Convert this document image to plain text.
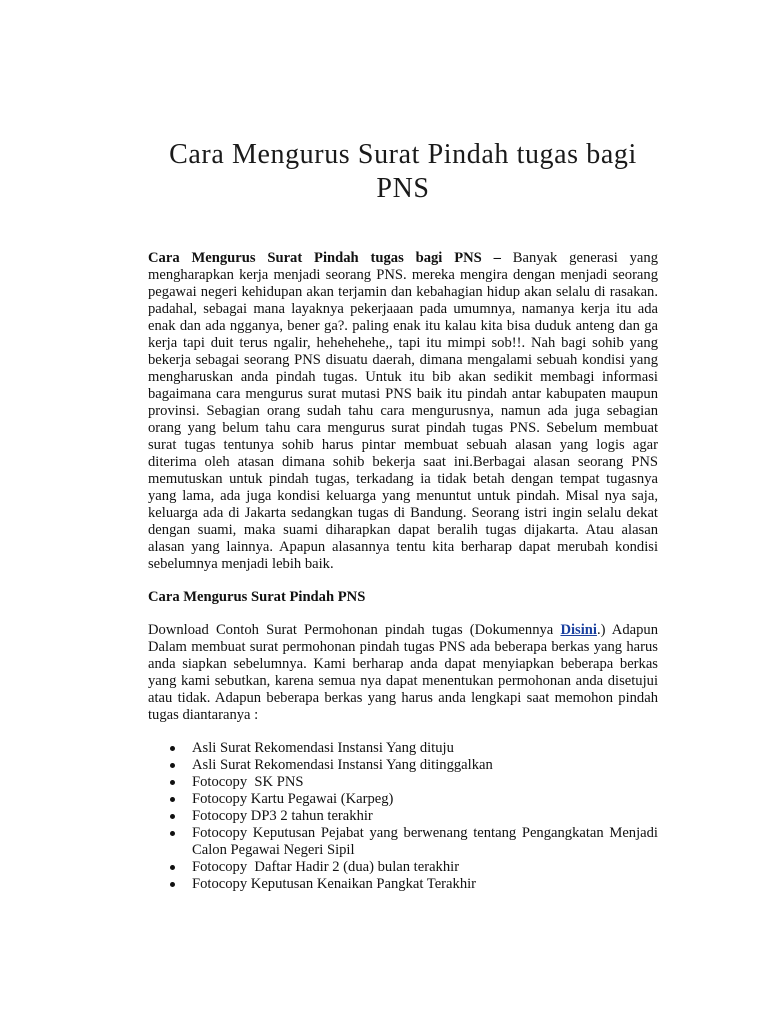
Cara Mengurus Surat Pindah tugas bagi PNS

Cara Mengurus Surat Pindah tugas bagi PNS – Banyak generasi yang mengharapkan kerja menjadi seorang PNS. mereka mengira dengan menjadi seorang pegawai negeri kehidupan akan terjamin dan kebahagian hidup akan selalu di rasakan. padahal, sebagai mana layaknya pekerjaaan pada umumnya, namanya kerja itu ada enak dan ada ngganya, bener ga?. paling enak itu kalau kita bisa duduk anteng dan ga kerja tapi duit terus ngalir, hehehehehe,, tapi itu mimpi sob!!. Nah bagi sohib yang bekerja sebagai seorang PNS disuatu daerah, dimana mengalami sebuah kondisi yang mengharuskan anda pindah tugas. Untuk itu bib akan sedikit membagi informasi bagaimana cara mengurus surat mutasi PNS baik itu pindah antar kabupaten maupun provinsi. Sebagian orang sudah tahu cara mengurusnya, namun ada juga sebagian orang yang belum tahu cara mengurus surat pindah tugas PNS. Sebelum membuat surat tugas tentunya sohib harus pintar membuat sebuah alasan yang logis agar diterima oleh atasan dimana sohib bekerja saat ini.Berbagai alasan seorang PNS memutuskan untuk pindah tugas, terkadang ia tidak betah dengan tempat tugasnya yang lama, ada juga kondisi keluarga yang menuntut untuk pindah. Misal nya saja, keluarga ada di Jakarta sedangkan tugas di Bandung. Seorang istri ingin selalu dekat dengan suami, maka suami diharapkan dapat beralih tugas dijakarta. Atau alasan alasan yang lainnya. Apapun alasannya tentu kita berharap dapat merubah kondisi sebelumnya menjadi lebih baik.

Cara Mengurus Surat Pindah PNS

Download Contoh Surat Permohonan pindah tugas (Dokumennya Disini.) Adapun Dalam membuat surat permohonan pindah tugas PNS ada beberapa berkas yang harus anda siapkan sebelumnya. Kami berharap anda dapat menyiapkan beberapa berkas yang kami sebutkan, karena semua nya dapat menentukan permohonan anda disetujui atau tidak. Adapun beberapa berkas yang harus anda lengkapi saat memohon pindah tugas diantaranya :

Asli Surat Rekomendasi Instansi Yang dituju
Asli Surat Rekomendasi Instansi Yang ditinggalkan
Fotocopy  SK PNS
Fotocopy Kartu Pegawai (Karpeg)
Fotocopy DP3 2 tahun terakhir
Fotocopy Keputusan Pejabat yang berwenang tentang Pengangkatan Menjadi Calon Pegawai Negeri Sipil
Fotocopy  Daftar Hadir 2 (dua) bulan terakhir
Fotocopy Keputusan Kenaikan Pangkat Terakhir
